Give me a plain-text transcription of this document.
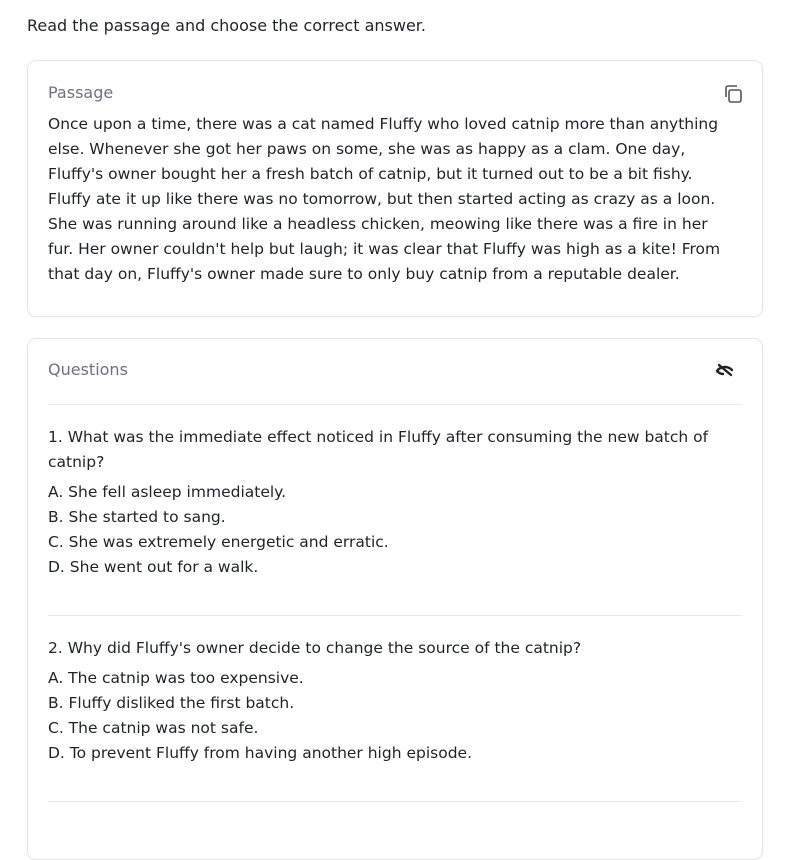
Read the passage and choose the correct answer.
Passage
Once upon a time, there was a cat named Fluffy who loved catnip more than anything else. Whenever she got her paws on some, she was as happy as a clam. One day, Fluffy's owner bought her a fresh batch of catnip, but it turned out to be a bit fishy. Fluffy ate it up like there was no tomorrow, but then started acting as crazy as a loon. She was running around like a headless chicken, meowing like there was a fire in her fur. Her owner couldn't help but laugh; it was clear that Fluffy was high as a kite! From that day on, Fluffy's owner made sure to only buy catnip from a reputable dealer.
Questions
1. What was the immediate effect noticed in Fluffy after consuming the new batch of catnip?
A. She fell asleep immediately.
B. She started to sang.
C. She was extremely energetic and erratic.
D. She went out for a walk.
2. Why did Fluffy's owner decide to change the source of the catnip?
A. The catnip was too expensive.
B. Fluffy disliked the first batch.
C. The catnip was not safe.
D. To prevent Fluffy from having another high episode.
